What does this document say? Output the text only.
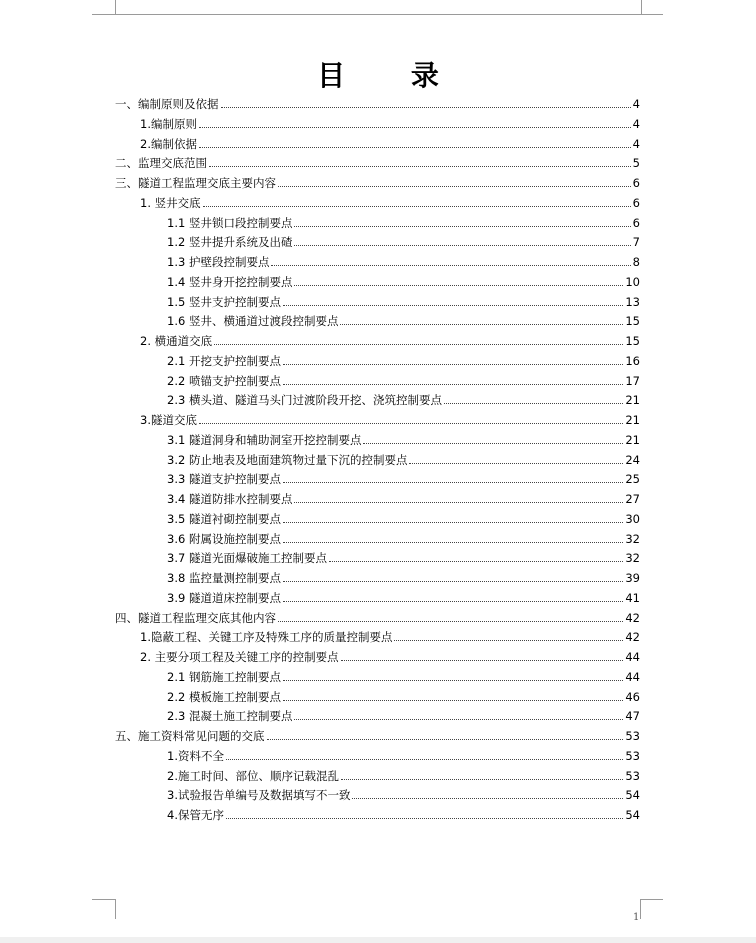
目 录
一、编制原则及依据	4
1.编制原则	4
2.编制依据	4
二、监理交底范围	5
三、隧道工程监理交底主要内容	6
1. 竖井交底	6
1.1 竖井锁口段控制要点	6
1.2 竖井提升系统及出碴	7
1.3 护壁段控制要点	8
1.4 竖井身开挖控制要点	10
1.5 竖井支护控制要点	13
1.6 竖井、横通道过渡段控制要点	15
2. 横通道交底	15
2.1 开挖支护控制要点	16
2.2 喷锚支护控制要点	17
2.3 横头道、隧道马头门过渡阶段开挖、浇筑控制要点	21
3.隧道交底	21
3.1 隧道洞身和辅助洞室开挖控制要点	21
3.2 防止地表及地面建筑物过量下沉的控制要点	24
3.3 隧道支护控制要点	25
3.4 隧道防排水控制要点	27
3.5 隧道衬砌控制要点	30
3.6 附属设施控制要点	32
3.7 隧道光面爆破施工控制要点	32
3.8 监控量测控制要点	39
3.9 隧道道床控制要点	41
四、隧道工程监理交底其他内容	42
1.隐蔽工程、关键工序及特殊工序的质量控制要点	42
2. 主要分项工程及关键工序的控制要点	44
2.1 钢筋施工控制要点	44
2.2 模板施工控制要点	46
2.3 混凝土施工控制要点	47
五、施工资料常见问题的交底	53
1.资料不全	53
2.施工时间、部位、顺序记载混乱	53
3.试验报告单编号及数据填写不一致	54
4.保管无序	54
1
